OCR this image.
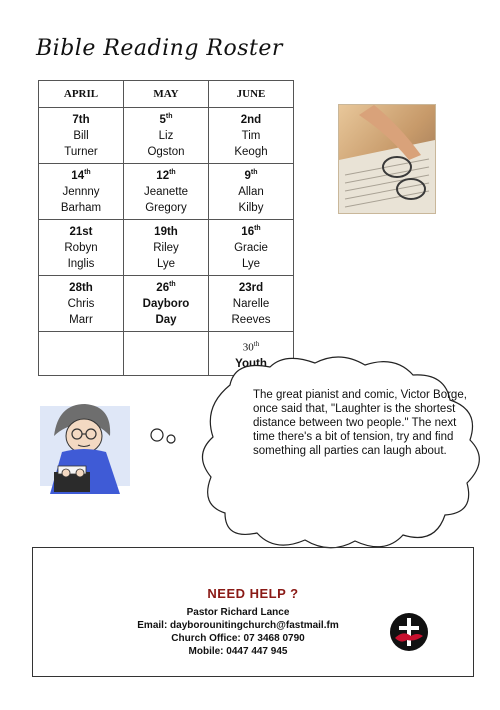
Bible Reading Roster
APRIL	MAY	JUNE

7th
Bill
Turner	5th
Liz
Ogston	2nd
Tim
Keogh

14th
Jennny
Barham	12th
Jeanette
Gregory	9th
Allan
Kilby

21st
Robyn
Inglis	19th
Riley
Lye	16th
Gracie
Lye

28th
Chris
Marr	26th
Dayboro
Day	23rd
Narelle
Reeves

		30th
Youth
The great pianist and comic, Victor Borge, once said that, "Laughter is the shortest distance between two people." The next time there's a bit of tension, try and find something all parties can laugh about.
NEED HELP ?
Pastor Richard Lance
Email: dayborounitingchurch@fastmail.fm
Church Office: 07 3468 0790
Mobile: 0447 447 945
